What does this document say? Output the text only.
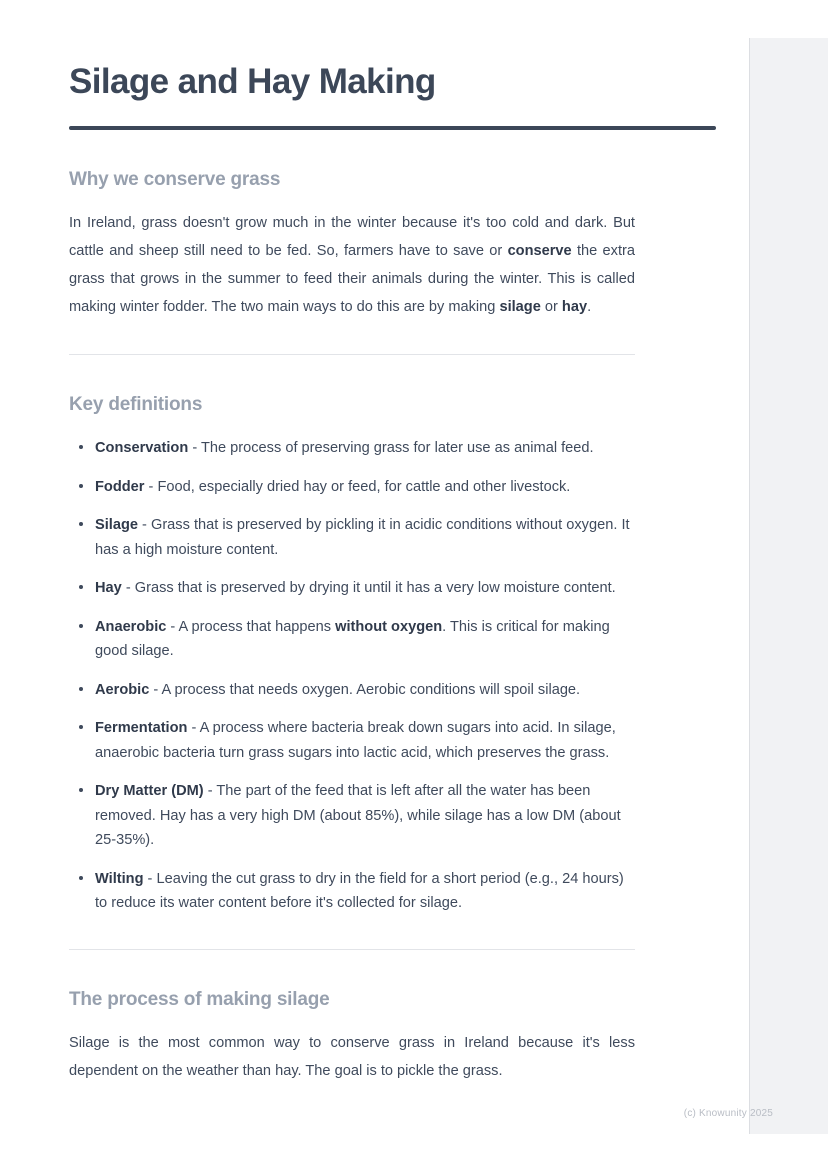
Silage and Hay Making
Why we conserve grass

In Ireland, grass doesn't grow much in the winter because it's too cold and dark. But cattle and sheep still need to be fed. So, farmers have to save or conserve the extra grass that grows in the summer to feed their animals during the winter. This is called making winter fodder. The two main ways to do this are by making silage or hay.

Key definitions
Conservation - The process of preserving grass for later use as animal feed.
Fodder - Food, especially dried hay or feed, for cattle and other livestock.
Silage - Grass that is preserved by pickling it in acidic conditions without oxygen. It has a high moisture content.
Hay - Grass that is preserved by drying it until it has a very low moisture content.
Anaerobic - A process that happens without oxygen. This is critical for making good silage.
Aerobic - A process that needs oxygen. Aerobic conditions will spoil silage.
Fermentation - A process where bacteria break down sugars into acid. In silage, anaerobic bacteria turn grass sugars into lactic acid, which preserves the grass.
Dry Matter (DM) - The part of the feed that is left after all the water has been removed. Hay has a very high DM (about 85%), while silage has a low DM (about 25-35%).
Wilting - Leaving the cut grass to dry in the field for a short period (e.g., 24 hours) to reduce its water content before it's collected for silage.
The process of making silage

Silage is the most common way to conserve grass in Ireland because it's less dependent on the weather than hay. The goal is to pickle the grass.

(c) Knowunity 2025
